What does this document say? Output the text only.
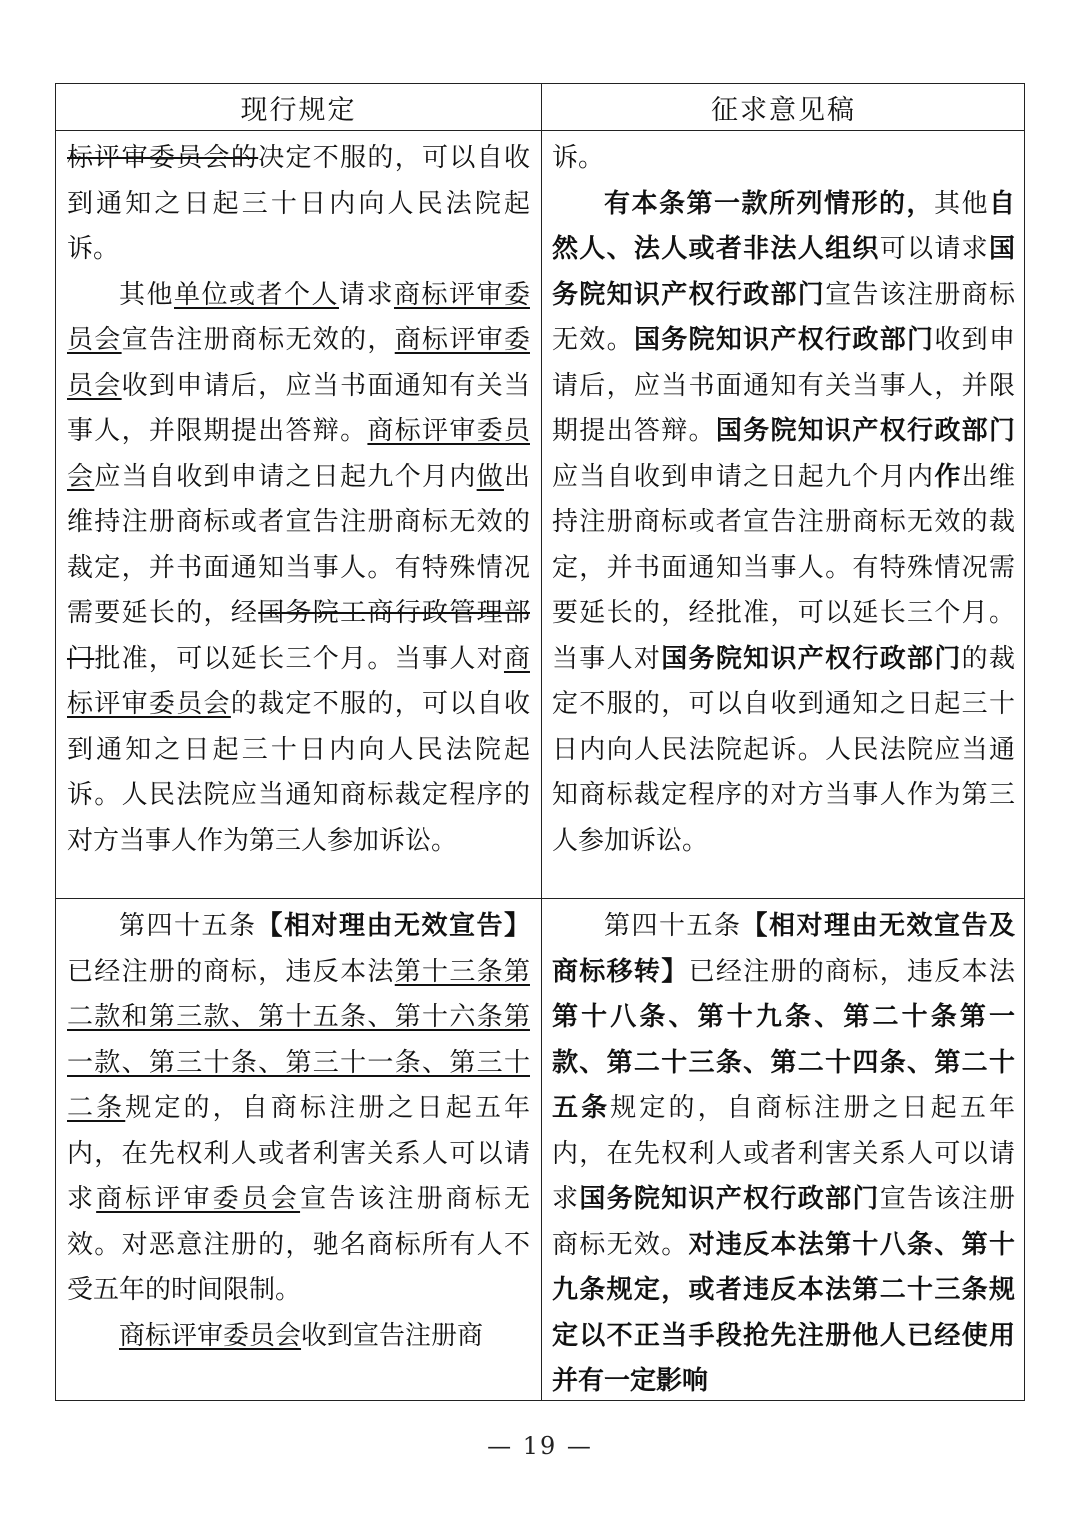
现行规定	征求意见稿

标评审委员会的决定不服的，可以自收到通知之日起三十日内向人民法院起诉。

其他单位或者个人请求商标评审委员会宣告注册商标无效的，商标评审委员会收到申请后，应当书面通知有关当事人，并限期提出答辩。商标评审委员会应当自收到申请之日起九个月内做出维持注册商标或者宣告注册商标无效的裁定，并书面通知当事人。有特殊情况需要延长的，经国务院工商行政管理部门批准，可以延长三个月。当事人对商标评审委员会的裁定不服的，可以自收到通知之日起三十日内向人民法院起诉。人民法院应当通知商标裁定程序的对方当事人作为第三人参加诉讼。

诉。

有本条第一款所列情形的，其他自然人、法人或者非法人组织可以请求国务院知识产权行政部门宣告该注册商标无效。国务院知识产权行政部门收到申请后，应当书面通知有关当事人，并限期提出答辩。国务院知识产权行政部门应当自收到申请之日起九个月内作出维持注册商标或者宣告注册商标无效的裁定，并书面通知当事人。有特殊情况需要延长的，经批准，可以延长三个月。当事人对国务院知识产权行政部门的裁定不服的，可以自收到通知之日起三十日内向人民法院起诉。人民法院应当通知商标裁定程序的对方当事人作为第三人参加诉讼。

第四十五条【相对理由无效宣告】已经注册的商标，违反本法第十三条第二款和第三款、第十五条、第十六条第一款、第三十条、第三十一条、第三十二条规定的，自商标注册之日起五年内，在先权利人或者利害关系人可以请求商标评审委员会宣告该注册商标无效。对恶意注册的，驰名商标所有人不受五年的时间限制。

商标评审委员会收到宣告注册商

第四十五条【相对理由无效宣告及商标移转】已经注册的商标，违反本法第十八条、第十九条、第二十条第一款、第二十三条、第二十四条、第二十五条规定的，自商标注册之日起五年内，在先权利人或者利害关系人可以请求国务院知识产权行政部门宣告该注册商标无效。对违反本法第十八条、第十九条规定，或者违反本法第二十三条规定以不正当手段抢先注册他人已经使用并有一定影响

— 19 —
